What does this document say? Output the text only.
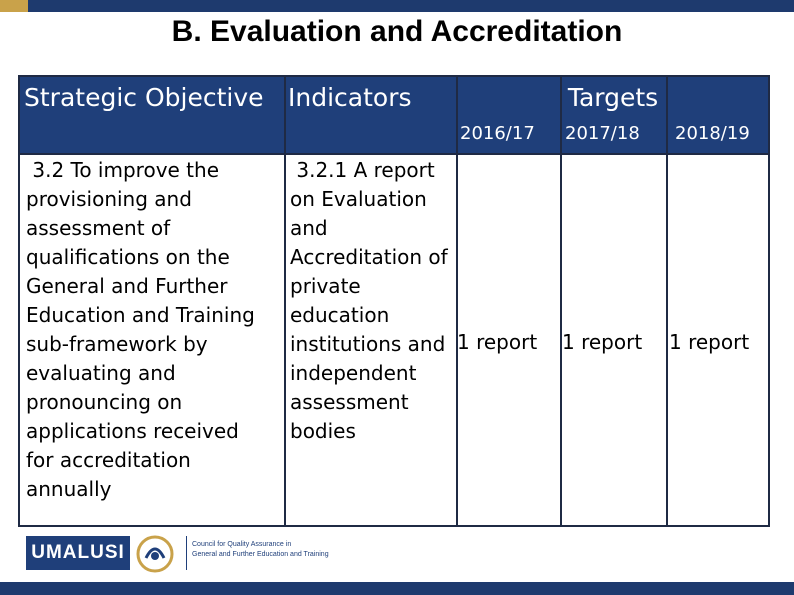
B. Evaluation and Accreditation
Strategic Objective Indicators	Targets
2016/17 2017/18 2018/19
3.2 To improve the
provisioning and
assessment of
qualifications on the
General and Further
Education and Training
sub-framework by
evaluating and
pronouncing on
applications received
for accreditation
annually
3.2.1 A report
on Evaluation
and
Accreditation of
private
education
institutions and
independent
assessment
bodies
1 report 1 report 1 report
UMALUSI	Council for Quality Assurance in
General and Further Education and Training
